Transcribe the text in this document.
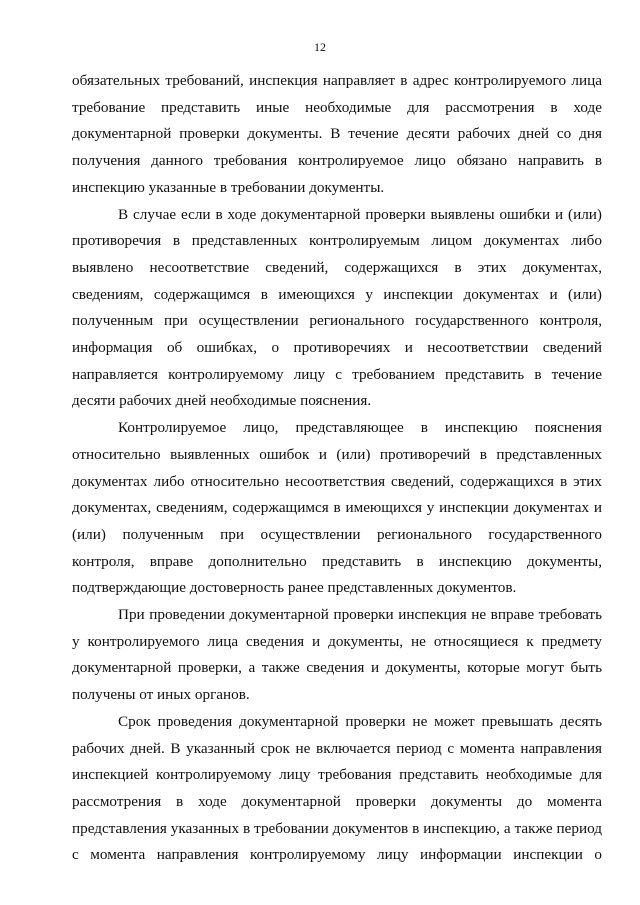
12

обязательных требований, инспекция направляет в адрес контролируемого лица требование представить иные необходимые для рассмотрения в ходе документарной проверки документы. В течение десяти рабочих дней со дня получения данного требования контролируемое лицо обязано направить в инспекцию указанные в требовании документы.

В случае если в ходе документарной проверки выявлены ошибки и (или) противоречия в представленных контролируемым лицом документах либо выявлено несоответствие сведений, содержащихся в этих документах, сведениям, содержащимся в имеющихся у инспекции документах и (или) полученным при осуществлении регионального государственного контроля, информация об ошибках, о противоречиях и несоответствии сведений направляется контролируемому лицу с требованием представить в течение десяти рабочих дней необходимые пояснения.

Контролируемое лицо, представляющее в инспекцию пояснения относительно выявленных ошибок и (или) противоречий в представленных документах либо относительно несоответствия сведений, содержащихся в этих документах, сведениям, содержащимся в имеющихся у инспекции документах и (или) полученным при осуществлении регионального государственного контроля, вправе дополнительно представить в инспекцию документы, подтверждающие достоверность ранее представленных документов.

При проведении документарной проверки инспекция не вправе требовать у контролируемого лица сведения и документы, не относящиеся к предмету документарной проверки, а также сведения и документы, которые могут быть получены от иных органов.

Срок проведения документарной проверки не может превышать десять рабочих дней. В указанный срок не включается период с момента направления инспекцией контролируемому лицу требования представить необходимые для рассмотрения в ходе документарной проверки документы до момента представления указанных в требовании документов в инспекцию, а также период с момента направления контролируемому лицу информации инспекции о
